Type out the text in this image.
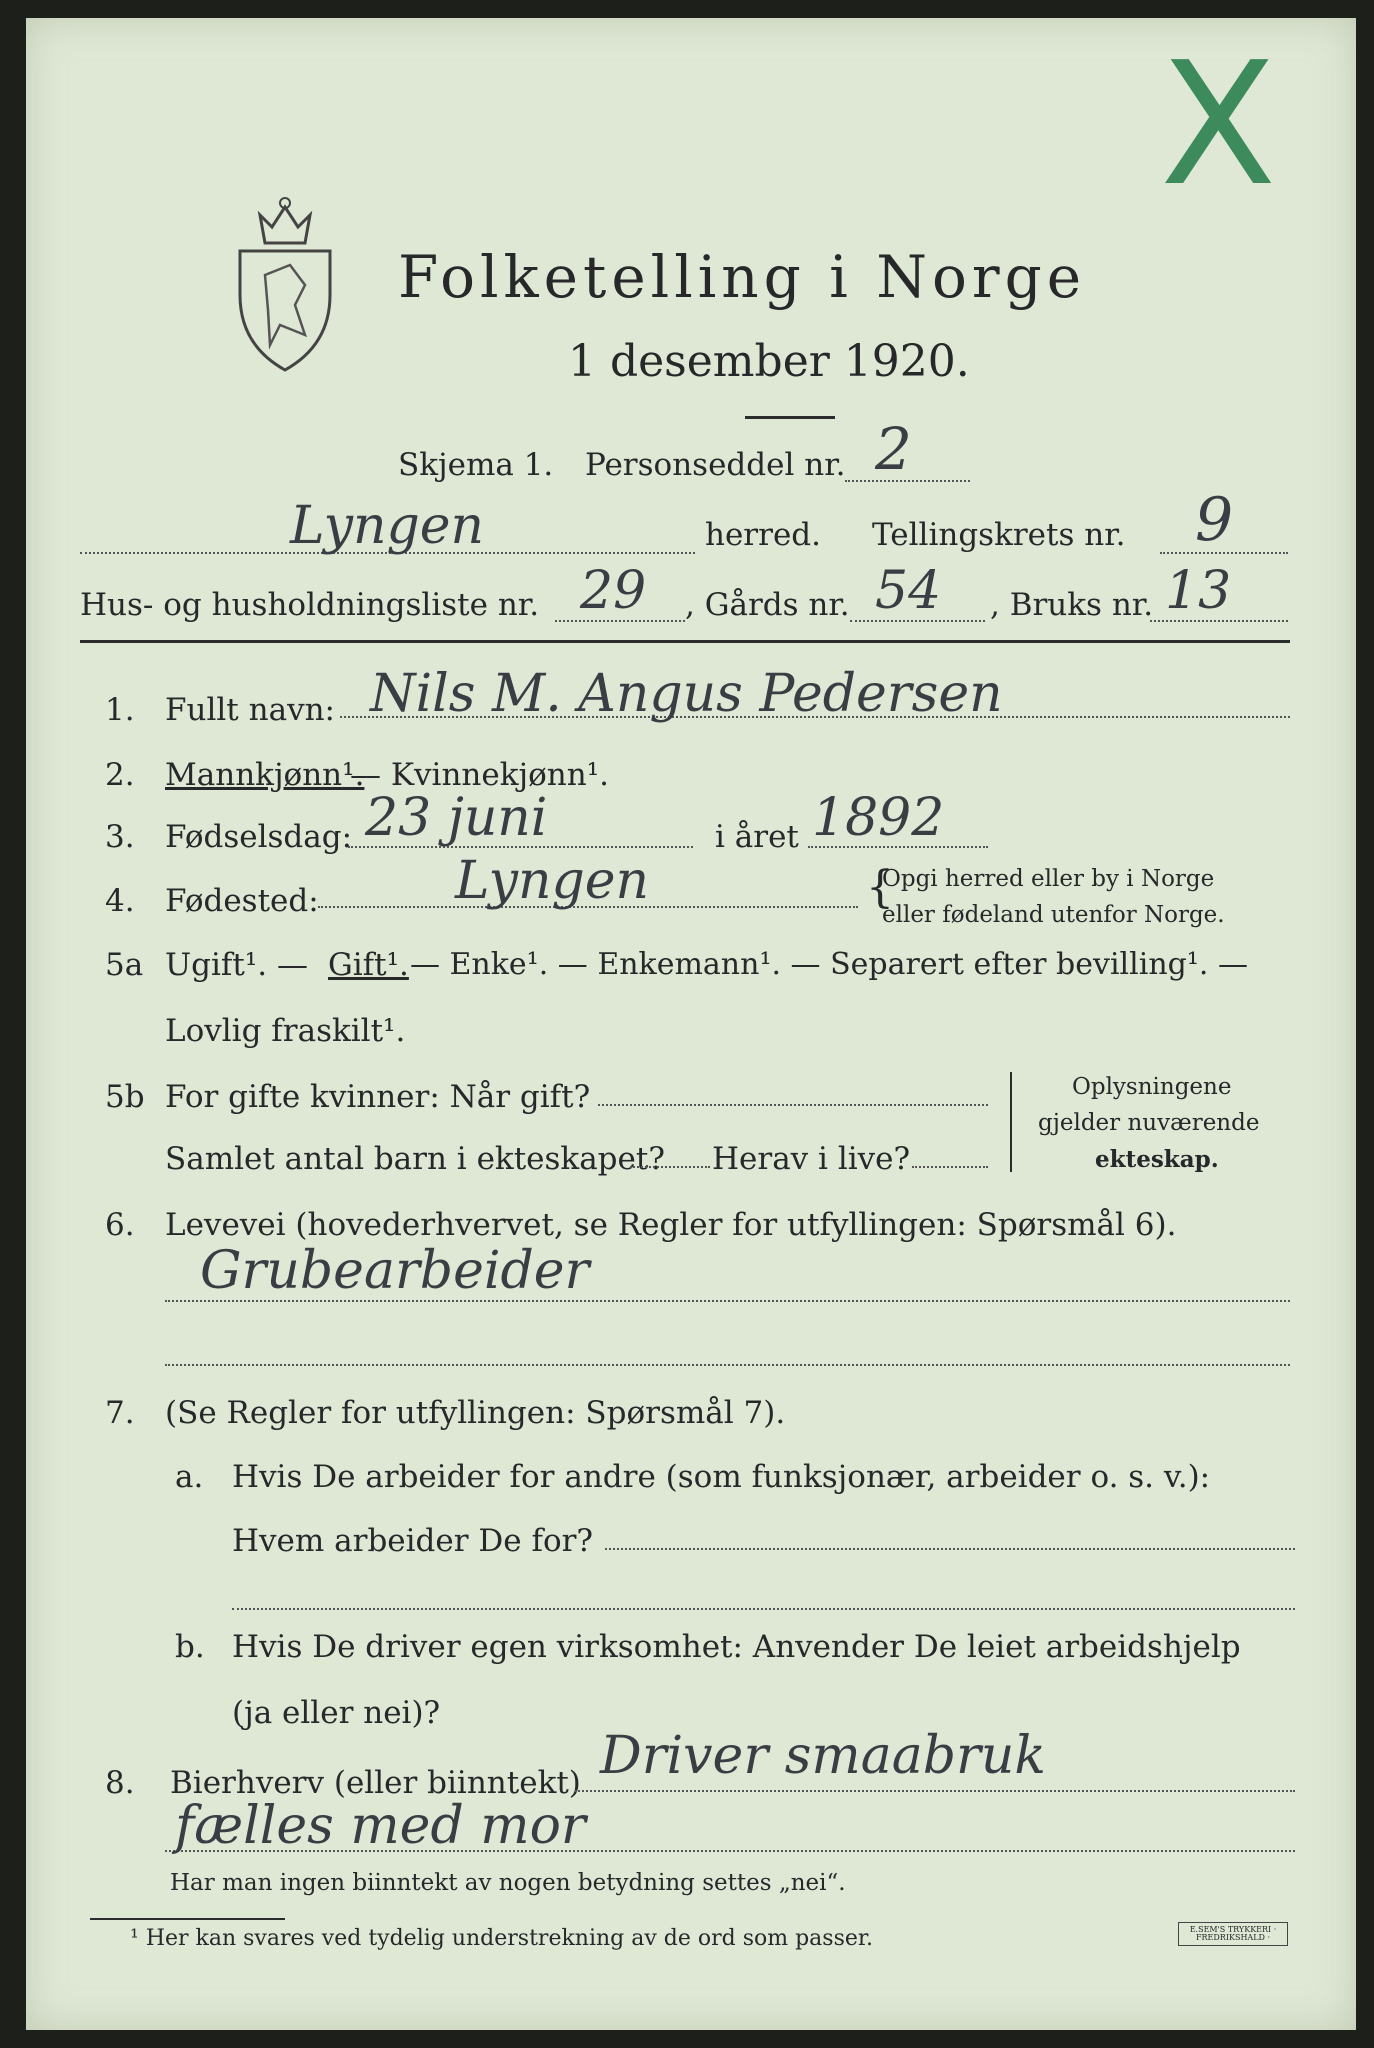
X
Folketelling i Norge
1 desember 1920.
Skjema 1. Personseddel nr. 2
Lyngen	herred. Tellingskrets nr. 9
Hus- og husholdningsliste nr. 29 , Gårds nr. 54 , Bruks nr. 13
1. Fullt navn: Nils M. Angus Pedersen
2. Mannkjønn¹.
— Kvinnekjønn¹.
3. Fødselsdag: 23 juni	i året 1892
4. Fødested:	Lyngen	{
Opgi herred eller by i Norge
eller fødeland utenfor Norge.
5a Ugift¹. — Gift¹. — Enke¹. — Enkemann¹. — Separert efter bevilling¹. —
Lovlig fraskilt¹.
5b For gifte kvinner: Når gift?
Samlet antal barn i ekteskapet? Herav i live?
Oplysningene
gjelder nuværende
ekteskap.
6. Levevei (hovederhvervet, se Regler for utfyllingen: Spørsmål 6).
Grubearbeider
7. (Se Regler for utfyllingen: Spørsmål 7).
a. Hvis De arbeider for andre (som funksjonær, arbeider o. s. v.):
Hvem arbeider De for?
b. Hvis De driver egen virksomhet: Anvender De leiet arbeidshjelp
(ja eller nei)?
8. Bierhverv (eller biinntekt) Driver smaabruk
fælles med mor
Har man ingen biinntekt av nogen betydning settes „nei“.
¹ Her kan svares ved tydelig understrekning av de ord som passer.	E.SEM'S TRYKKERI · FREDRIKSHALD ·
